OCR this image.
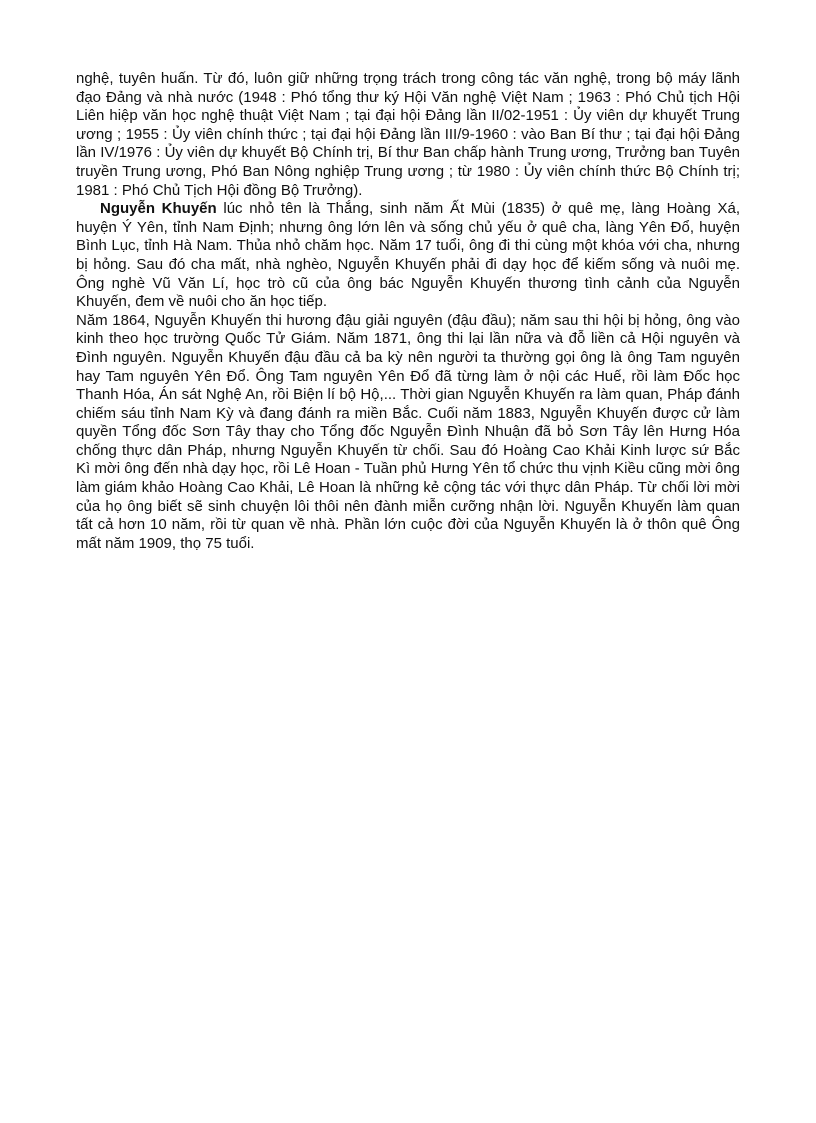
nghệ, tuyên huấn. Từ đó, luôn giữ những trọng trách trong công tác văn nghệ, trong bộ máy lãnh đạo Đảng và nhà nước (1948 : Phó tổng thư ký Hội Văn nghệ Việt Nam ; 1963 : Phó Chủ tịch Hội Liên hiệp văn học nghệ thuật Việt Nam ; tại đại hội Đảng lần II/02-1951 : Ủy viên dự khuyết Trung ương ; 1955 : Ủy viên chính thức ; tại đại hội Đảng lần III/9-1960 : vào Ban Bí thư ; tại đại hội Đảng lần IV/1976 : Ủy viên dự khuyết Bộ Chính trị, Bí thư Ban chấp hành Trung ương, Trưởng ban Tuyên truyền Trung ương, Phó Ban Nông nghiệp Trung ương ; từ 1980 : Ủy viên chính thức Bộ Chính trị; 1981 : Phó Chủ Tịch Hội đồng Bộ Trưởng).

Nguyễn Khuyến lúc nhỏ tên là Thắng, sinh năm Ất Mùi (1835) ở quê mẹ, làng Hoàng Xá, huyện Ý Yên, tỉnh Nam Định; nhưng ông lớn lên và sống chủ yếu ở quê cha, làng Yên Đổ, huyện Bình Lục, tỉnh Hà Nam. Thủa nhỏ chăm học. Năm 17 tuổi, ông đi thi cùng một khóa với cha, nhưng bị hỏng. Sau đó cha mất, nhà nghèo, Nguyễn Khuyến phải đi dạy học để kiếm sống và nuôi mẹ. Ông nghè Vũ Văn Lí, học trò cũ của ông bác Nguyễn Khuyến thương tình cảnh của Nguyễn Khuyến, đem về nuôi cho ăn học tiếp.

Năm 1864, Nguyễn Khuyến thi hương đậu giải nguyên (đậu đầu); năm sau thi hội bị hỏng, ông vào kinh theo học trường Quốc Tử Giám. Năm 1871, ông thi lại lần nữa và đỗ liền cả Hội nguyên và Đình nguyên. Nguyễn Khuyến đậu đầu cả ba kỳ nên người ta thường gọi ông là ông Tam nguyên hay Tam nguyên Yên Đổ. Ông Tam nguyên Yên Đổ đã từng làm ở nội các Huế, rồi làm Đốc học Thanh Hóa, Án sát Nghệ An, rồi Biện lí bộ Hộ,... Thời gian Nguyễn Khuyến ra làm quan, Pháp đánh chiếm sáu tỉnh Nam Kỳ và đang đánh ra miền Bắc. Cuối năm 1883, Nguyễn Khuyến được cử làm quyền Tổng đốc Sơn Tây thay cho Tổng đốc Nguyễn Đình Nhuận đã bỏ Sơn Tây lên Hưng Hóa chống thực dân Pháp, nhưng Nguyễn Khuyến từ chối. Sau đó Hoàng Cao Khải Kinh lược sứ Bắc Kì mời ông đến nhà dạy học, rồi Lê Hoan - Tuần phủ Hưng Yên tổ chức thu vịnh Kiều cũng mời ông làm giám khảo Hoàng Cao Khải, Lê Hoan là những kẻ cộng tác với thực dân Pháp. Từ chối lời mời của họ ông biết sẽ sinh chuyện lôi thôi nên đành miễn cưỡng nhận lời. Nguyễn Khuyến làm quan tất cả hơn 10 năm, rồi từ quan về nhà. Phần lớn cuộc đời của Nguyễn Khuyến là ở thôn quê Ông mất năm 1909, thọ 75 tuổi.
